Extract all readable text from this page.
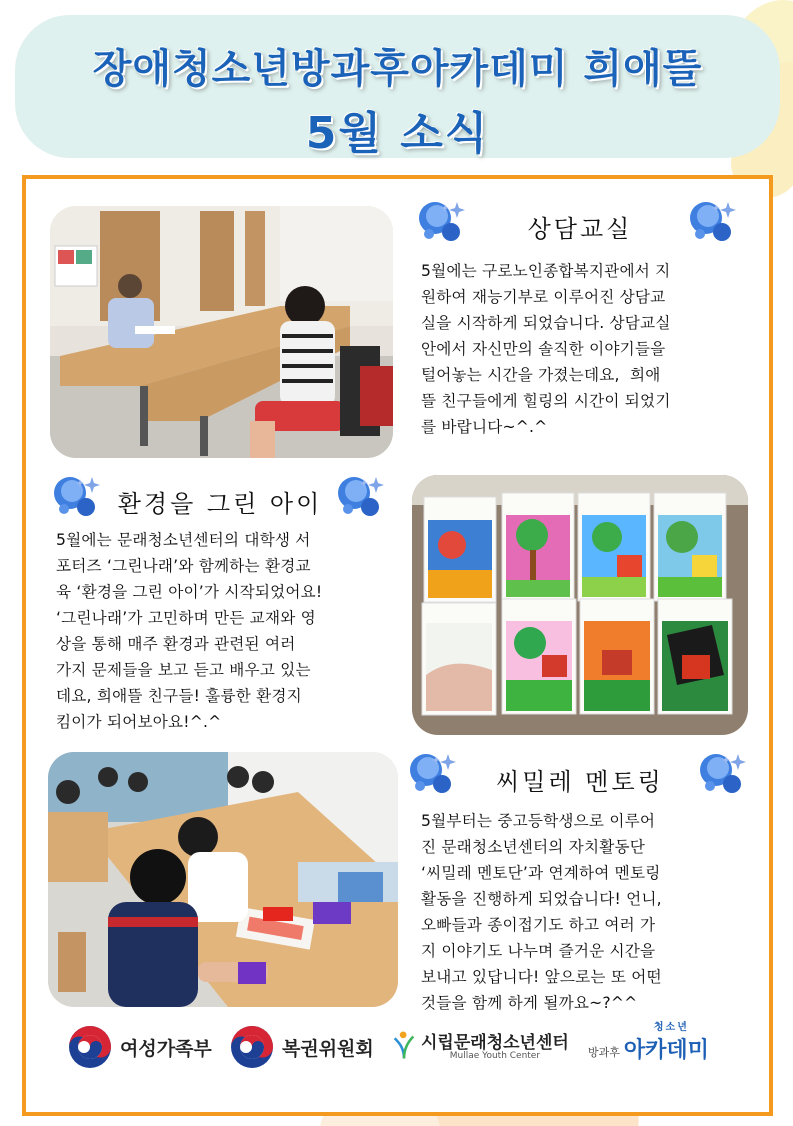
장애청소년방과후아카데미 희애뜰
5월 소식
상담교실
5월에는 구로노인종합복지관에서 지
원하여 재능기부로 이루어진 상담교
실을 시작하게 되었습니다. 상담교실
안에서 자신만의 솔직한 이야기들을
털어놓는 시간을 가졌는데요,  희애
뜰 친구들에게 힐링의 시간이 되었기
를 바랍니다~^.^
환경을 그린 아이
5월에는 문래청소년센터의 대학생 서
포터즈 ‘그린나래’와 함께하는 환경교
육 ‘환경을 그린 아이’가 시작되었어요!
‘그린나래’가 고민하며 만든 교재와 영
상을 통해 매주 환경과 관련된 여러
가지 문제들을 보고 듣고 배우고 있는
데요, 희애뜰 친구들! 훌륭한 환경지
킴이가 되어보아요!^.^
씨밀레 멘토링
5월부터는 중고등학생으로 이루어
진 문래청소년센터의 자치활동단
‘씨밀레 멘토단’과 연계하여 멘토링
활동을 진행하게 되었습니다! 언니,
오빠들과 종이접기도 하고 여러 가
지 이야기도 나누며 즐거운 시간을
보내고 있답니다! 앞으로는 또 어떤
것들을 함께 하게 될까요~?^^
여성가족부	복권위원회	시립문래청소년센터
Mullae Youth Center	방과후
청소년
아카데미
